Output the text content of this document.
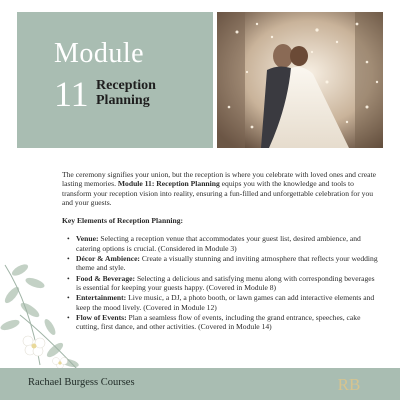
Module
11 Reception
Planning

The ceremony signifies your union, but the reception is where you celebrate with loved ones and create lasting memories. Module 11: Reception Planning equips you with the knowledge and tools to transform your reception vision into reality, ensuring a fun-filled and unforgettable celebration for you and your guests.

Key Elements of Reception Planning:

• Venue: Selecting a reception venue that accommodates your guest list, desired ambience, and catering options is crucial. (Considered in Module 3)
• Décor & Ambience: Create a visually stunning and inviting atmosphere that reflects your wedding theme and style.
• Food & Beverage: Selecting a delicious and satisfying menu along with corresponding beverages is essential for keeping your guests happy. (Covered in Module 8)
• Entertainment: Live music, a DJ, a photo booth, or lawn games can add interactive elements and keep the mood lively. (Covered in Module 12)
• Flow of Events: Plan a seamless flow of events, including the grand entrance, speeches, cake cutting, first dance, and other activities. (Covered in Module 14)
Rachael Burgess Courses	RB
